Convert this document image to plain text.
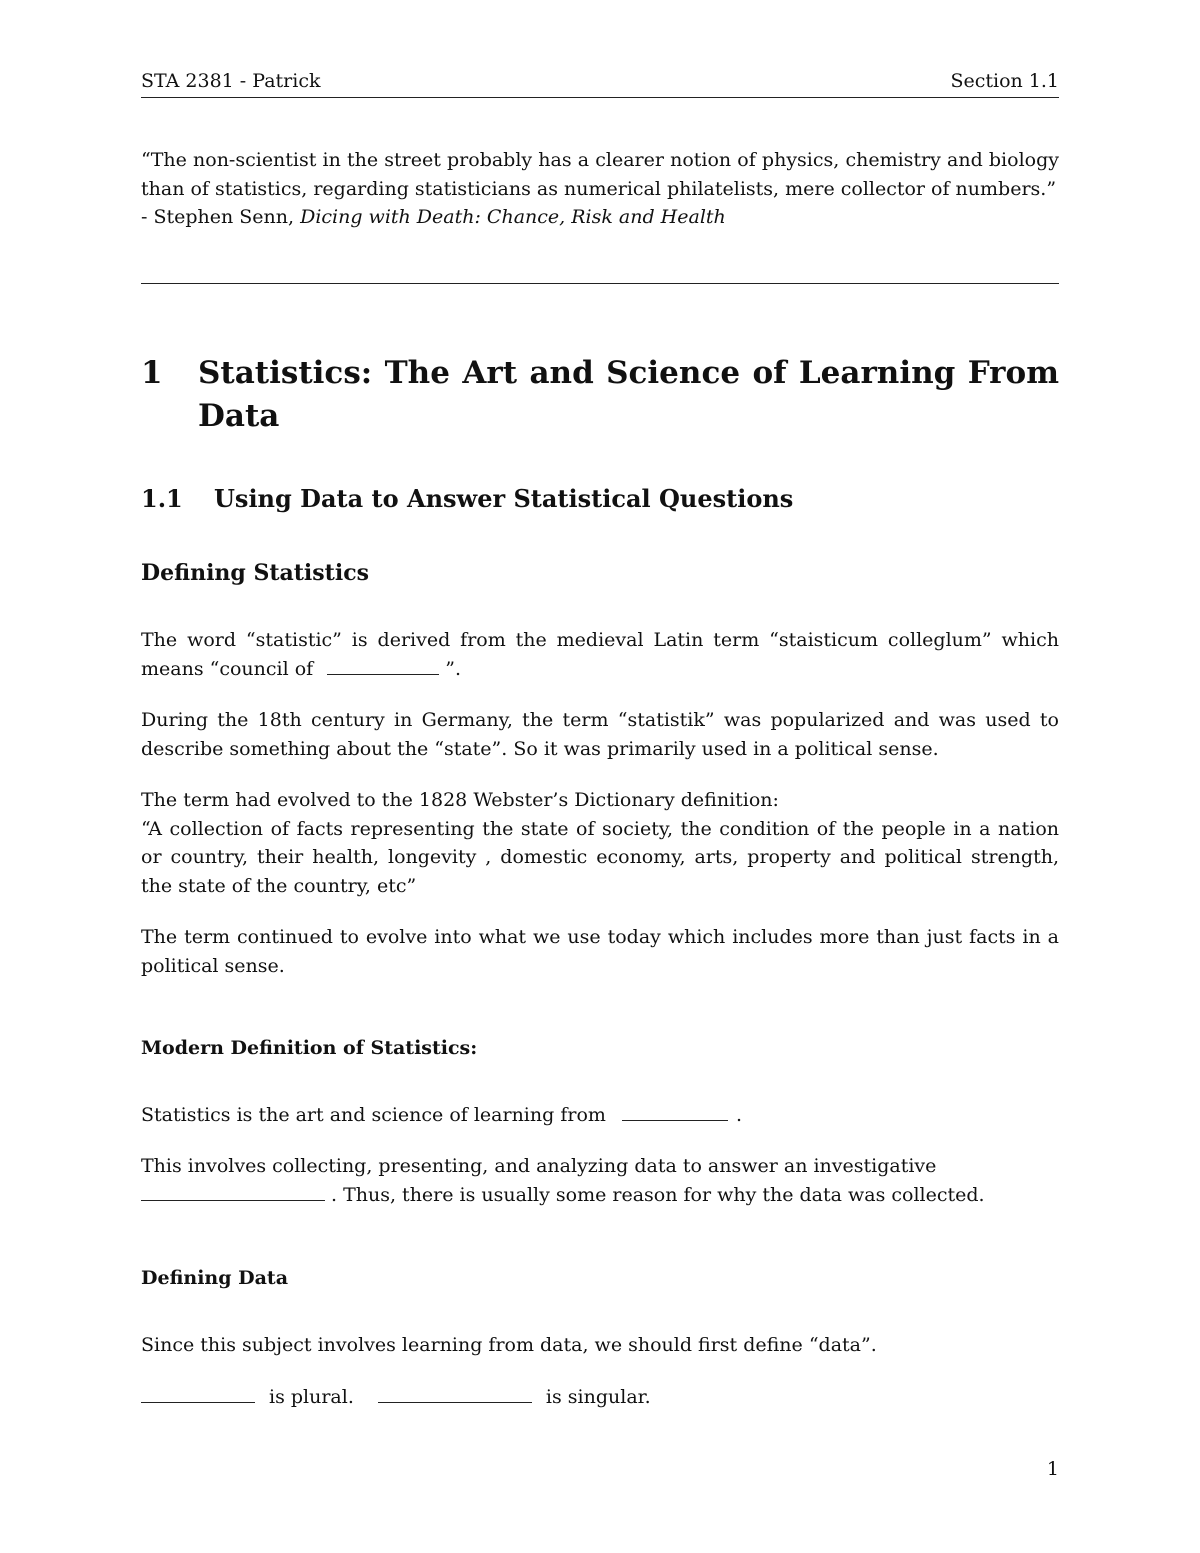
STA 2381 - Patrick	Section 1.1
“The non-scientist in the street probably has a clearer notion of physics, chemistry and biology than of statistics, regarding statisticians as numerical philatelists, mere collector of numbers.”
- Stephen Senn, Dicing with Death: Chance, Risk and Health
1 Statistics: The Art and Science of Learning From Data
1.1 Using Data to Answer Statistical Questions
Defining Statistics
The word “statistic” is derived from the medieval Latin term “staisticum colleglum” which means “council of	”.
During the 18th century in Germany, the term “statistik” was popularized and was used to describe something about the “state”. So it was primarily used in a political sense.
The term had evolved to the 1828 Webster’s Dictionary definition:
“A collection of facts representing the state of society, the condition of the people in a nation or country, their health, longevity , domestic economy, arts, property and political strength, the state of the country, etc”
The term continued to evolve into what we use today which includes more than just facts in a political sense.
Modern Definition of Statistics:
Statistics is the art and science of learning from	.
This involves collecting, presenting, and analyzing data to answer an investigative
. Thus, there is usually some reason for why the data was collected.
Defining Data
Since this subject involves learning from data, we should first define “data”.
is plural.	is singular.
1
